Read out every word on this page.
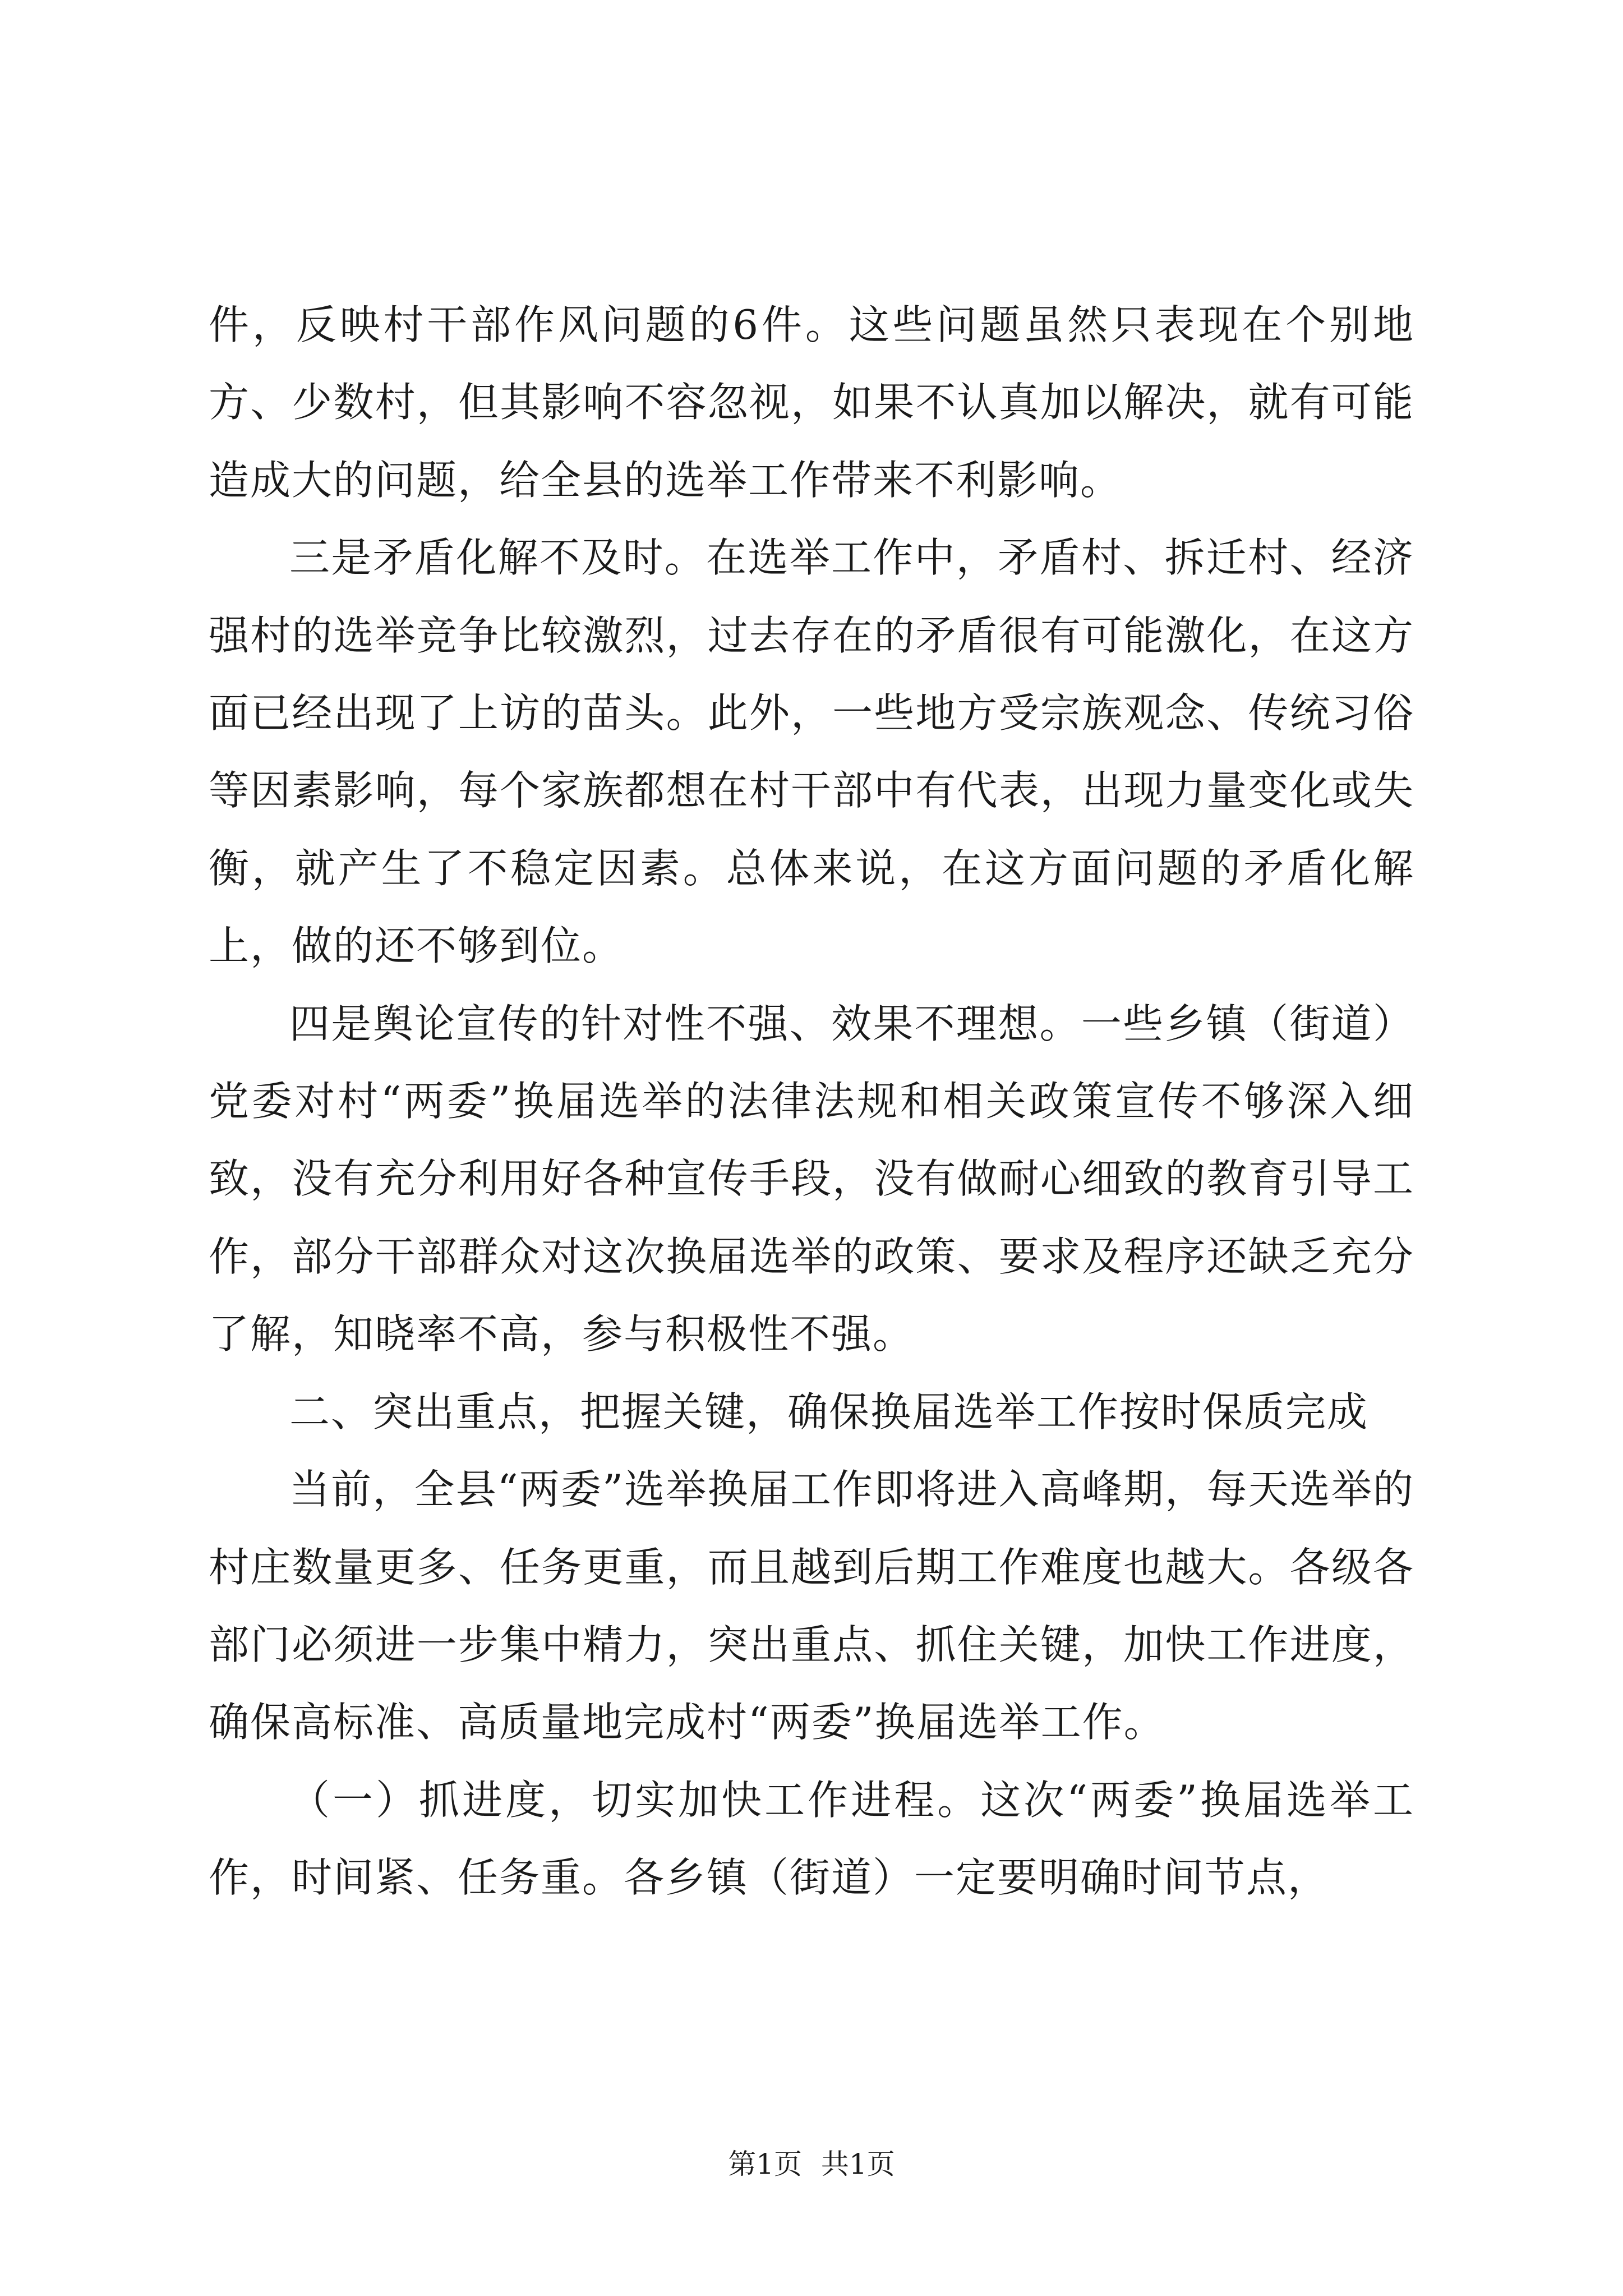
件，反映村干部作风问题的6件。这些问题虽然只表现在个别地方、少数村，但其影响不容忽视，如果不认真加以解决，就有可能造成大的问题，给全县的选举工作带来不利影响。

三是矛盾化解不及时。在选举工作中，矛盾村、拆迁村、经济强村的选举竞争比较激烈，过去存在的矛盾很有可能激化，在这方面已经出现了上访的苗头。此外，一些地方受宗族观念、传统习俗等因素影响，每个家族都想在村干部中有代表，出现力量变化或失衡，就产生了不稳定因素。总体来说，在这方面问题的矛盾化解上，做的还不够到位。

四是舆论宣传的针对性不强、效果不理想。一些乡镇（街道）党委对村“两委”换届选举的法律法规和相关政策宣传不够深入细致，没有充分利用好各种宣传手段，没有做耐心细致的教育引导工作，部分干部群众对这次换届选举的政策、要求及程序还缺乏充分了解，知晓率不高，参与积极性不强。

二、突出重点，把握关键，确保换届选举工作按时保质完成

当前，全县“两委”选举换届工作即将进入高峰期，每天选举的村庄数量更多、任务更重，而且越到后期工作难度也越大。各级各部门必须进一步集中精力，突出重点、抓住关键，加快工作进度，确保高标准、高质量地完成村“两委”换届选举工作。

（一）抓进度，切实加快工作进程。这次“两委”换届选举工作，时间紧、任务重。各乡镇（街道）一定要明确时间节点，

第1页 共1页
